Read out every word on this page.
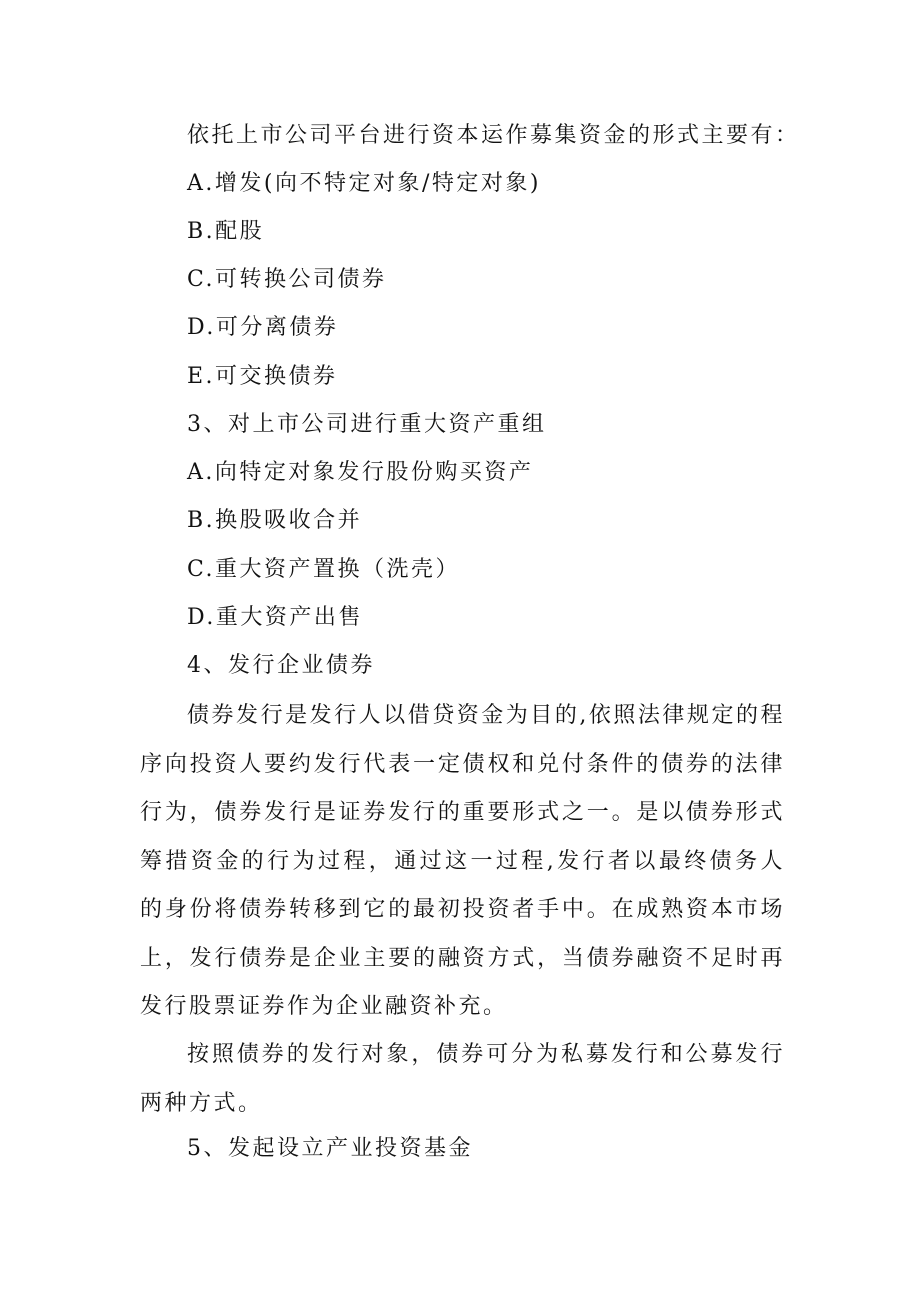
依托上市公司平台进行资本运作募集资金的形式主要有：
A.增发(向不特定对象/特定对象)
B.配股
C.可转换公司债券
D.可分离债券
E.可交换债券
3、对上市公司进行重大资产重组
A.向特定对象发行股份购买资产
B.换股吸收合并
C.重大资产置换（洗壳）
D.重大资产出售
4、发行企业债券
债券发行是发行人以借贷资金为目的,依照法律规定的程序向投资人要约发行代表一定债权和兑付条件的债券的法律行为，债券发行是证券发行的重要形式之一。是以债券形式筹措资金的行为过程，通过这一过程,发行者以最终债务人的身份将债券转移到它的最初投资者手中。在成熟资本市场上，发行债券是企业主要的融资方式，当债券融资不足时再发行股票证券作为企业融资补充。
按照债券的发行对象，债券可分为私募发行和公募发行两种方式。
5、发起设立产业投资基金
